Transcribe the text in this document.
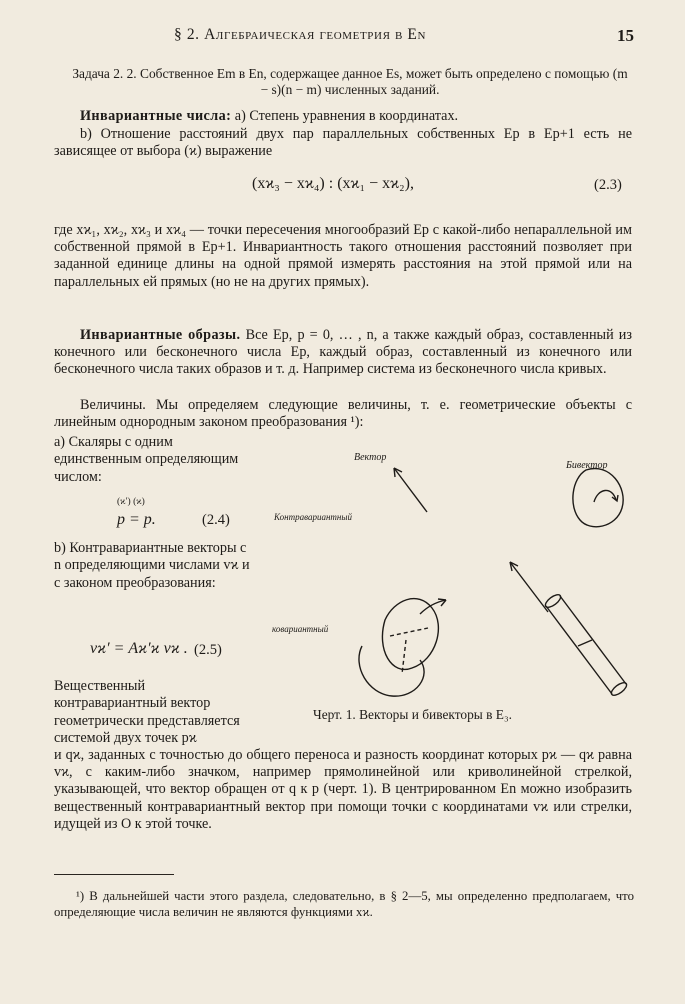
§ 2. Алгебраическая геометрия в En	15
Задача 2. 2. Собственное Em в En, содержащее данное Es, может быть определено с помощью (m − s)(n − m) численных заданий.
Инвариантные числа: а) Степень уравнения в координатах.
b) Отношение расстояний двух пар параллельных собственных Ep в Ep+1 есть не зависящее от выбора (ϰ) выражение
(xϰ₃ − xϰ₄) : (xϰ₁ − xϰ₂),	(2.3)
где xϰ₁, xϰ₂, xϰ₃ и xϰ₄ — точки пересечения многообразий Ep с какой-либо непараллельной им собственной прямой в Ep+1. Инвариантность такого отношения расстояний позволяет при заданной единице длины на одной прямой измерять расстояния на этой прямой или на параллельных ей прямых (но не на других прямых).
Инвариантные образы. Все Ep, p = 0, … , n, а также каждый образ, составленный из конечного или бесконечного числа Ep, каждый образ, составленный из конечного или бесконечного числа таких образов и т. д. Например система из бесконечного числа кривых.
Величины. Мы определяем следующие величины, т. е. геометрические объекты с линейным однородным законом преобразования ¹):
а) Скаляры с одним единственным определяющим числом:
(ϰ′) (ϰ)
p = p.	(2.4)
b) Контравариантные векторы с n определяющими числами vϰ и с законом преобразования:
vϰ′ = Aϰ′ϰ vϰ . (2.5)
Вещественный контравариантный вектор геометрически представляется системой двух точек pϰ
Вектор
Бивектор
Контравариантный
ковариантный
Черт. 1. Векторы и бивекторы в E₃.
и qϰ, заданных с точностью до общего переноса и разность координат которых pϰ — qϰ равна vϰ, с каким-либо значком, например прямолинейной или криволинейной стрелкой, указывающей, что вектор обращен от q к p (черт. 1). В центрированном En можно изобразить вещественный контравариантный вектор при помощи точки с координатами vϰ или стрелки, идущей из O к этой точке.
¹) В дальнейшей части этого раздела, следовательно, в § 2—5, мы определенно предполагаем, что определяющие числа величин не являются функциями xϰ.
